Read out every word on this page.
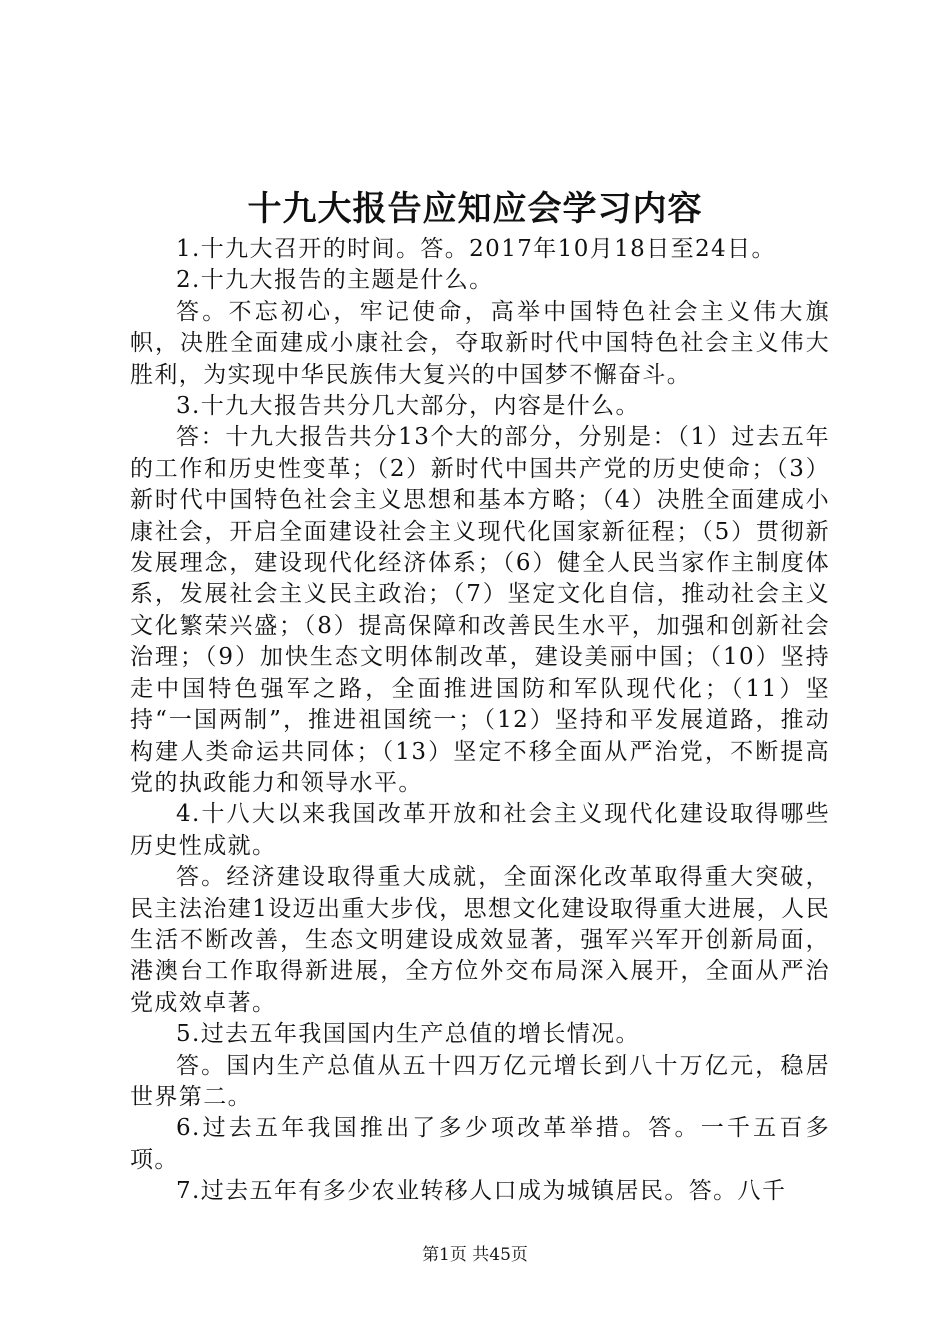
十九大报告应知应会学习内容

1.十九大召开的时间。答。2017年10月18日至24日。

2.十九大报告的主题是什么。

答。不忘初心，牢记使命，高举中国特色社会主义伟大旗 帜，决胜全面建成小康社会，夺取新时代中国特色社会主义伟大胜利，为实现中华民族伟大复兴的中国梦不懈奋斗。

3.十九大报告共分几大部分，内容是什么。

答：十九大报告共分13个大的部分，分别是：（1）过去五年的工作和历史性变革；（2）新时代中国共产党的历史使命；（3）新时代中国特色社会主义思想和基本方略；（4）决胜全面建成小康社会，开启全面建设社会主义现代化国家新征程；（5）贯彻新发展理念，建设现代化经济体系；（6）健全人民当家作主制度体系，发展社会主义民主政治；（7）坚定文化自信，推动社会主义文化繁荣兴盛；（8）提高保障和改善民生水平，加强和创新社会治理；（9）加快生态文明体制改革，建设美丽中国；（10）坚持走中国特色强军之路，全面推进国防和军队现代化；（11）坚持“一国两制”，推进祖国统一；（12）坚持和平发展道路，推动构建人类命运共同体；（13）坚定不移全面从严治党，不断提高党的执政能力和领导水平。

4.十八大以来我国改革开放和社会主义现代化建设取得哪些历史性成就。

答。经济建设取得重大成就，全面深化改革取得重大突破，民主法治建1设迈出重大步伐，思想文化建设取得重大进展，人民生活不断改善，生态文明建设成效显著，强军兴军开创新局面，港澳台工作取得新进展，全方位外交布局深入展开，全面从严治党成效卓著。

5.过去五年我国国内生产总值的增长情况。

答。国内生产总值从五十四万亿元增长到八十万亿元，稳居世界第二。

6.过去五年我国推出了多少项改革举措。答。一千五百多项。

7.过去五年有多少农业转移人口成为城镇居民。答。八千

第1页 共45页
